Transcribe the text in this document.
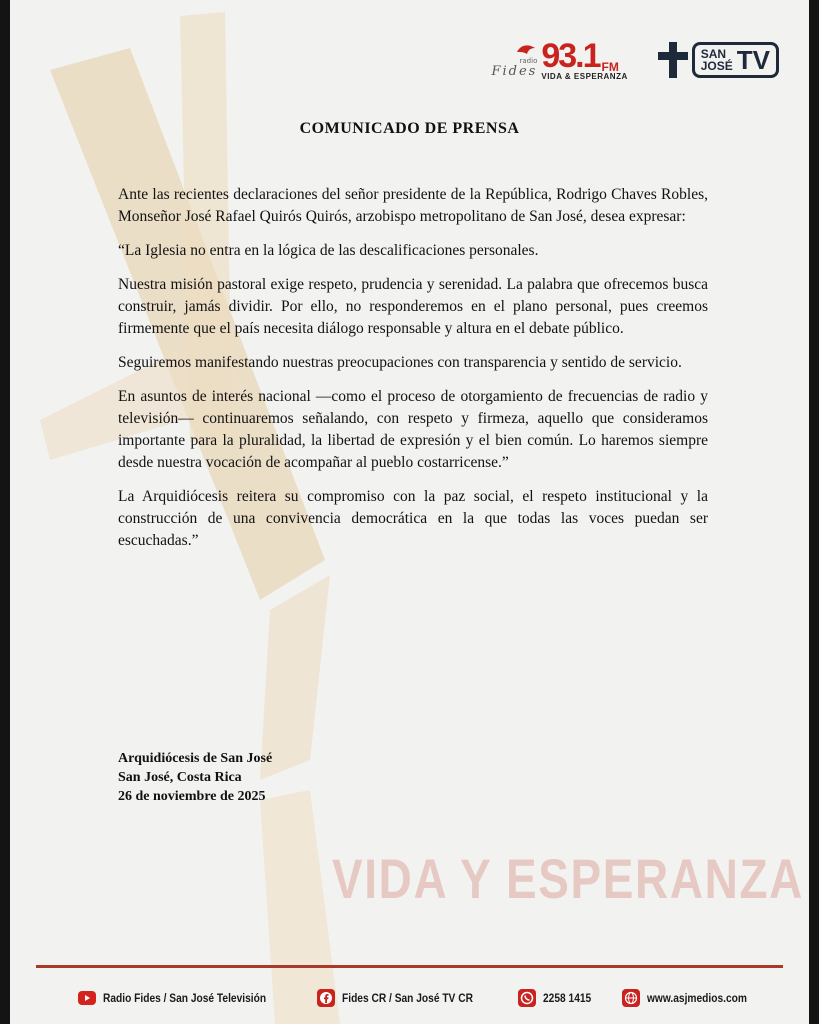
radio
Fides 93.1 FM
VIDA & ESPERANZA
SAN
JOSÉ TV
COMUNICADO DE PRENSA

Ante las recientes declaraciones del señor presidente de la República, Rodrigo Chaves Robles, Monseñor José Rafael Quirós Quirós, arzobispo metropolitano de San José, desea expresar:

“La Iglesia no entra en la lógica de las descalificaciones personales.

Nuestra misión pastoral exige respeto, prudencia y serenidad. La palabra que ofrecemos busca construir, jamás dividir. Por ello, no responderemos en el plano personal, pues creemos firmemente que el país necesita diálogo responsable y altura en el debate público.

Seguiremos manifestando nuestras preocupaciones con transparencia y sentido de servicio.

En asuntos de interés nacional —como el proceso de otorgamiento de frecuencias de radio y televisión— continuaremos señalando, con respeto y firmeza, aquello que consideramos importante para la pluralidad, la libertad de expresión y el bien común. Lo haremos siempre desde nuestra vocación de acompañar al pueblo costarricense.”

La Arquidiócesis reitera su compromiso con la paz social, el respeto institucional y la construcción de una convivencia democrática en la que todas las voces puedan ser escuchadas.”

Arquidiócesis de San José
San José, Costa Rica
26 de noviembre de 2025
VIDA Y ESPERANZA
Radio Fides / San José Televisión	Fides CR / San José TV CR	2258 1415	www.asjmedios.com
